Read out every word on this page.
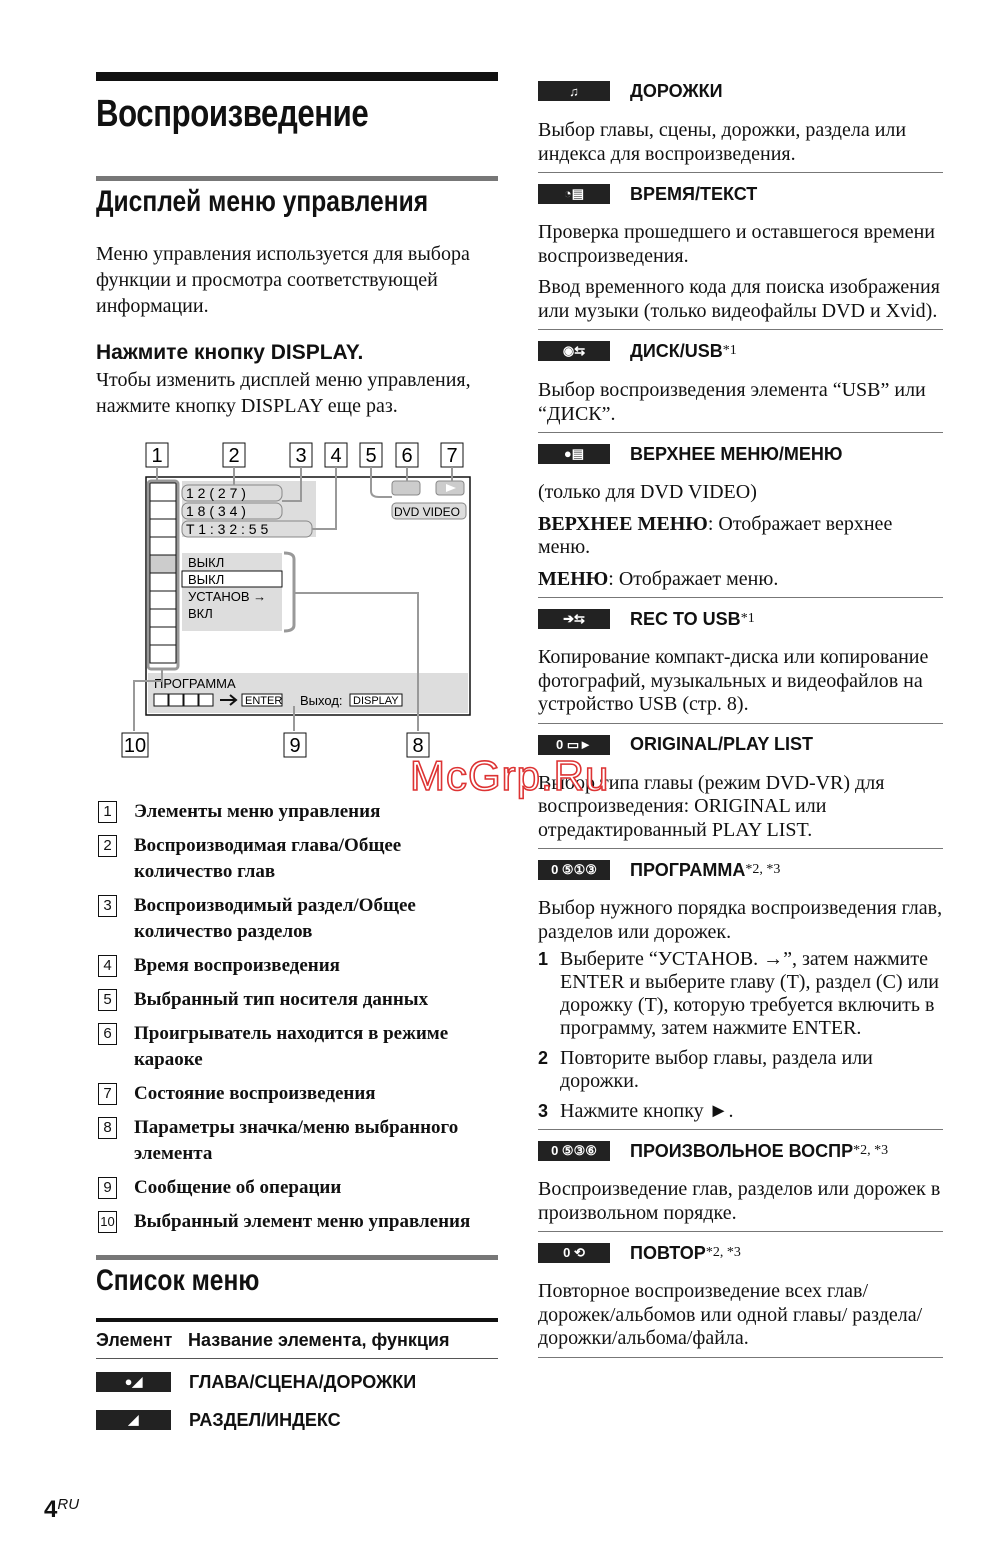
Воспроизведение
Дисплей меню управления

Меню управления используется для выбора функции и просмотра соответствующей информации.

Нажмите кнопку DISPLAY.

Чтобы изменить дисплей меню управления, нажмите кнопку DISPLAY еще раз.

1	2	3 4 5 6 7
1 2 ( 2 7 )
1 8 ( 3 4 )
T 1 : 3 2 : 5 5
DVD VIDEO
ВЫКЛ
ВЫКЛ
УСТАНОВ →
ВКЛ
ПРОГРАММА
ENTER Выход: DISPLAY
10	9	8
1 Элементы меню управления
2 Воспроизводимая глава/Общее количество глав
3 Воспроизводимый раздел/Общее количество разделов
4 Время воспроизведения
5 Выбранный тип носителя данных
6 Проигрыватель находится в режиме караоке
7 Состояние воспроизведения
8 Параметры значка/меню выбранного элемента
9 Сообщение об операции
10 Выбранный элемент меню управления
Список меню
Элемент Название элемента, функция
●◢	ГЛАВА/СЦЕНА/ДОРОЖКИ
◢	РАЗДЕЛ/ИНДЕКС
♫	ДОРОЖКИ

Выбор главы, сцены, дорожки, раздела или индекса для воспроизведения.

◔▤	ВРЕМЯ/ТЕКСТ

Проверка прошедшего и оставшегося времени воспроизведения.

Ввод временного кода для поиска изображения или музыки (только видеофайлы DVD и Xvid).

◉⇆	ДИСК/USB *1

Выбор воспроизведения элемента “USB” или “ДИСК”.

●▤	ВЕРХНЕЕ МЕНЮ/МЕНЮ

(только для DVD VIDEO)

ВЕРХНЕЕ МЕНЮ: Отображает верхнее меню.

МЕНЮ: Отображает меню.

➔⇆	REC TO USB *1

Копирование компакт-диска или копирование фотографий, музыкальных и видеофайлов на устройство USB (стр. 8).

0 ▭►	ORIGINAL/PLAY LIST

Выбор типа главы (режим DVD-VR) для воспроизведения: ORIGINAL или отредактированный PLAY LIST.

0 ⑤①③	ПРОГРАММА *2, *3

Выбор нужного порядка воспроизведения глав, разделов или дорожек.

1 Выберите “УСТАНОВ. →”, затем нажмите ENTER и выберите главу (T), раздел (C) или дорожку (T), которую требуется включить в программу, затем нажмите ENTER.
2 Повторите выбор главы, раздела или дорожки.
3 Нажмите кнопку ►.
0 ⑤③⑥	ПРОИЗВОЛЬНОЕ ВОСПР *2, *3

Воспроизведение глав, разделов или дорожек в произвольном порядке.

0 ⟲	ПОВТОР *2, *3

Повторное воспроизведение всех глав/ дорожек/альбомов или одной главы/ раздела/дорожки/альбома/файла.

McGrp.Ru
$4^{RU}$
